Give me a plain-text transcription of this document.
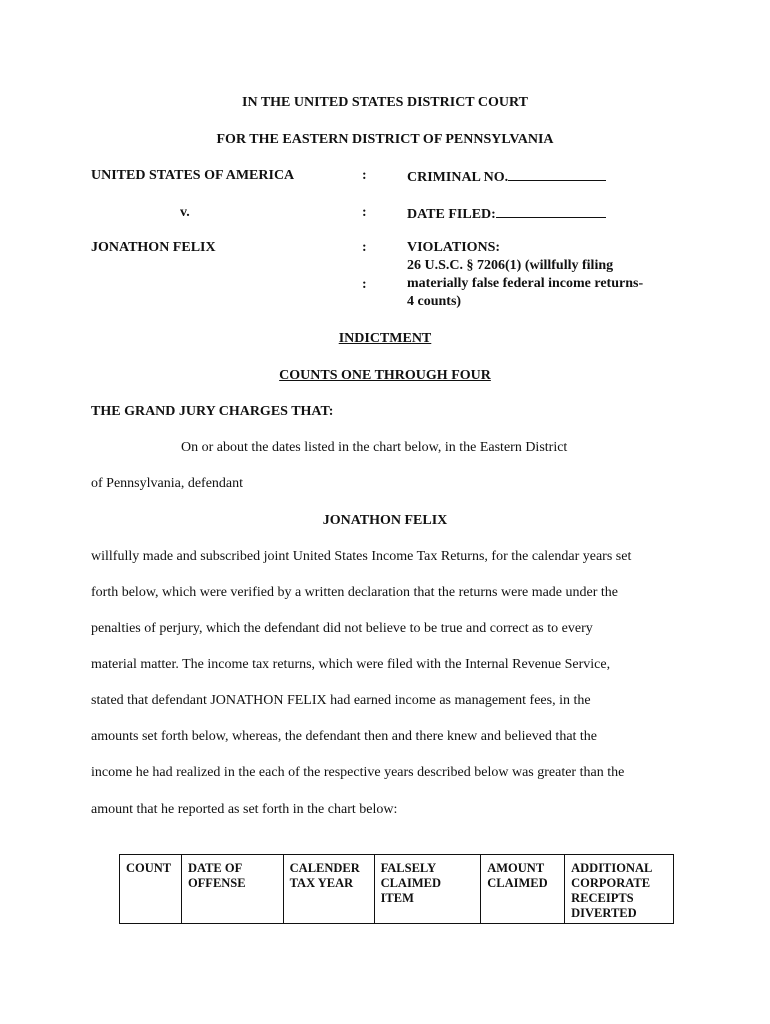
IN THE UNITED STATES DISTRICT COURT
FOR THE EASTERN DISTRICT OF PENNSYLVANIA
UNITED STATES OF AMERICA	:	CRIMINAL NO.
v.	:	DATE FILED:
JONATHON FELIX	:	VIOLATIONS:
26 U.S.C. § 7206(1) (willfully filing
:	materially false federal income returns-
4 counts)
INDICTMENT
COUNTS ONE THROUGH FOUR
THE GRAND JURY CHARGES THAT:
On or about the dates listed in the chart below, in the Eastern District
of Pennsylvania, defendant
JONATHON FELIX
willfully made and subscribed joint United States Income Tax Returns, for the calendar years set
forth below, which were verified by a written declaration that the returns were made under the
penalties of perjury, which the defendant did not believe to be true and correct as to every
material matter. The income tax returns, which were filed with the Internal Revenue Service,
stated that defendant JONATHON FELIX had earned income as management fees, in the
amounts set forth below, whereas, the defendant then and there knew and believed that the
income he had realized in the each of the respective years described below was greater than the
amount that he reported as set forth in the chart below:
COUNT	DATE OF
OFFENSE

CALENDER
TAX YEAR

FALSELY
CLAIMED
ITEM

AMOUNT
CLAIMED

ADDITIONAL
CORPORATE
RECEIPTS
DIVERTED
